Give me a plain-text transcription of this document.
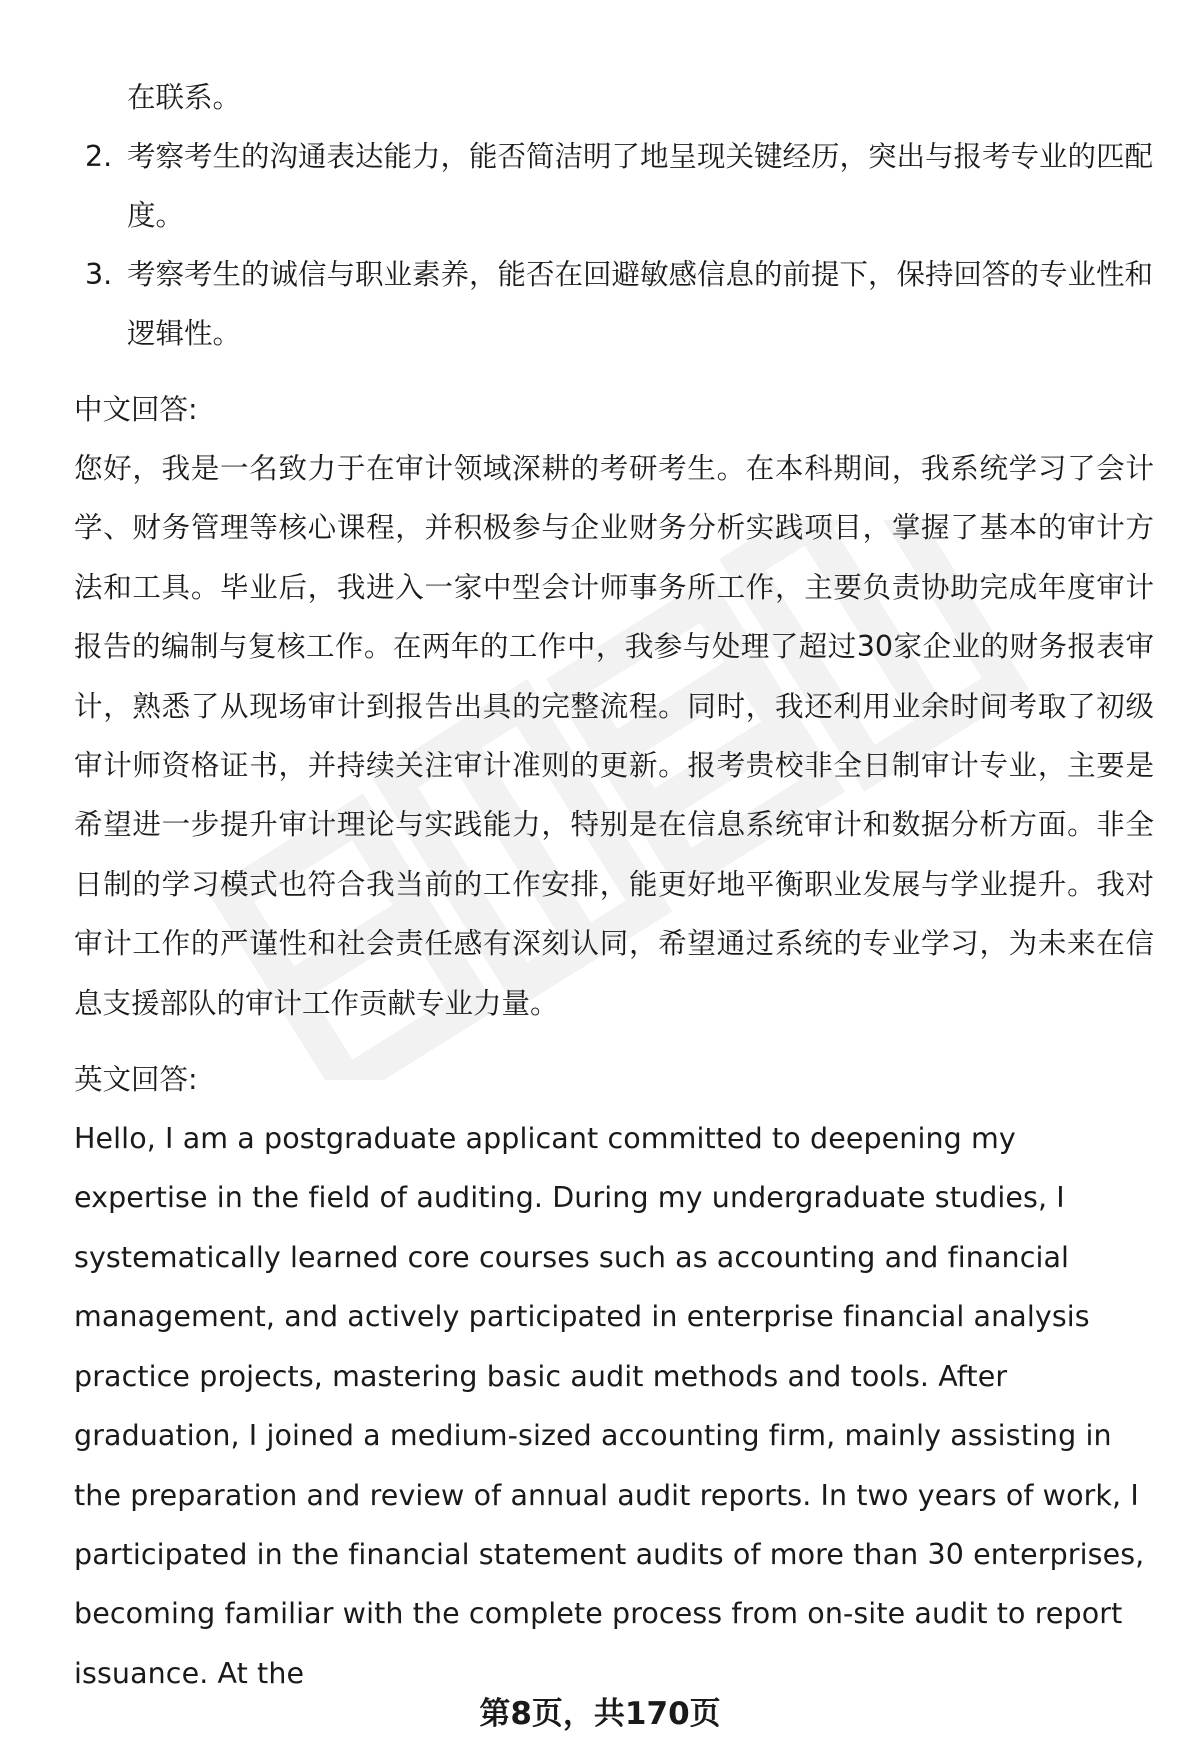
在联系。
2. 考察考生的沟通表达能力，能否简洁明了地呈现关键经历，突出与报考专业的匹配度。
3. 考察考生的诚信与职业素养，能否在回避敏感信息的前提下，保持回答的专业性和逻辑性。
中文回答:
您好，我是一名致力于在审计领域深耕的考研考生。在本科期间，我系统学习了会计学、财务管理等核心课程，并积极参与企业财务分析实践项目，掌握了基本的审计方法和工具。毕业后，我进入一家中型会计师事务所工作，主要负责协助完成年度审计报告的编制与复核工作。在两年的工作中，我参与处理了超过30家企业的财务报表审计，熟悉了从现场审计到报告出具的完整流程。同时，我还利用业余时间考取了初级审计师资格证书，并持续关注审计准则的更新。报考贵校非全日制审计专业，主要是希望进一步提升审计理论与实践能力，特别是在信息系统审计和数据分析方面。非全日制的学习模式也符合我当前的工作安排，能更好地平衡职业发展与学业提升。我对审计工作的严谨性和社会责任感有深刻认同，希望通过系统的专业学习，为未来在信息支援部队的审计工作贡献专业力量。
英文回答:
Hello, I am a postgraduate applicant committed to deepening my expertise in the field of auditing. During my undergraduate studies, I systematically learned core courses such as accounting and financial management, and actively participated in enterprise financial analysis practice projects, mastering basic audit methods and tools. After graduation, I joined a medium-sized accounting firm, mainly assisting in the preparation and review of annual audit reports. In two years of work, I participated in the financial statement audits of more than 30 enterprises, becoming familiar with the complete process from on-site audit to report issuance. At the
第8页，共170页
